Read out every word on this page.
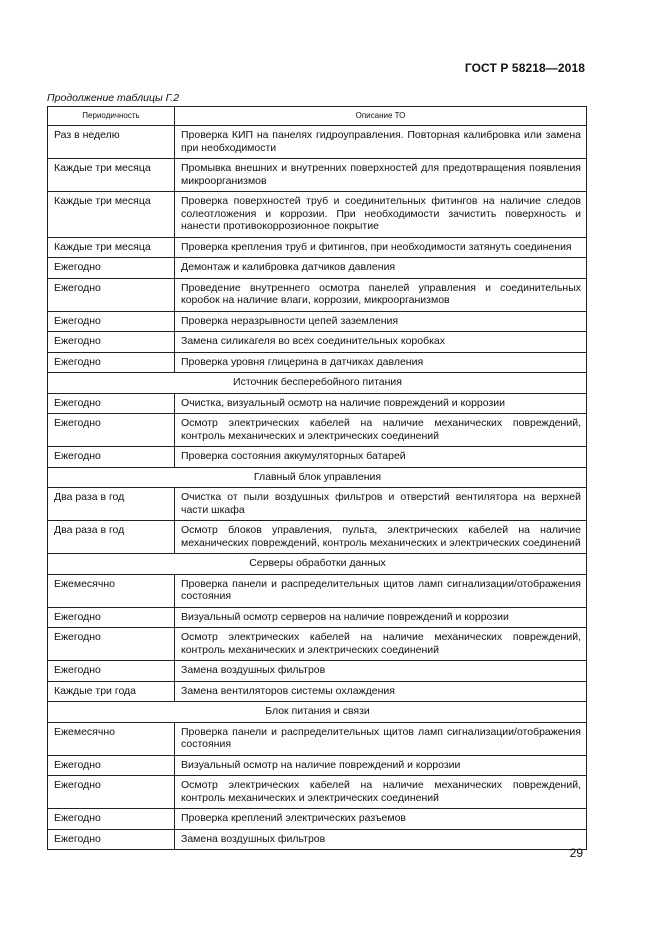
ГОСТ Р 58218—2018
Продолжение таблицы Г.2
Периодичность	Описание ТО
Раз в неделю	Проверка КИП на панелях гидроуправления. Повторная калибровка или замена при необходимости
Каждые три месяца	Промывка внешних и внутренних поверхностей для предотвращения появления микроорганизмов
Каждые три месяца	Проверка поверхностей труб и соединительных фитингов на наличие следов солеотложения и коррозии. При необходимости зачистить поверхность и нанести противокоррозионное покрытие
Каждые три месяца	Проверка крепления труб и фитингов, при необходимости затянуть соединения
Ежегодно	Демонтаж и калибровка датчиков давления
Ежегодно	Проведение внутреннего осмотра панелей управления и соединительных коробок на наличие влаги, коррозии, микроорганизмов
Ежегодно	Проверка неразрывности цепей заземления
Ежегодно	Замена силикагеля во всех соединительных коробках
Ежегодно	Проверка уровня глицерина в датчиках давления
Источник бесперебойного питания	
Ежегодно	Очистка, визуальный осмотр на наличие повреждений и коррозии
Ежегодно	Осмотр электрических кабелей на наличие механических повреждений, контроль механических и электрических соединений
Ежегодно	Проверка состояния аккумуляторных батарей
Главный блок управления	
Два раза в год	Очистка от пыли воздушных фильтров и отверстий вентилятора на верхней части шкафа
Два раза в год	Осмотр блоков управления, пульта, электрических кабелей на наличие механических повреждений, контроль механических и электрических соединений
Серверы обработки данных	
Ежемесячно	Проверка панели и распределительных щитов ламп сигнализации/отображения состояния
Ежегодно	Визуальный осмотр серверов на наличие повреждений и коррозии
Ежегодно	Осмотр электрических кабелей на наличие механических повреждений, контроль механических и электрических соединений
Ежегодно	Замена воздушных фильтров
Каждые три года	Замена вентиляторов системы охлаждения
Блок питания и связи	
Ежемесячно	Проверка панели и распределительных щитов ламп сигнализации/отображения состояния
Ежегодно	Визуальный осмотр на наличие повреждений и коррозии
Ежегодно	Осмотр электрических кабелей на наличие механических повреждений, контроль механических и электрических соединений
Ежегодно	Проверка креплений электрических разъемов
Ежегодно	Замена воздушных фильтров
29
